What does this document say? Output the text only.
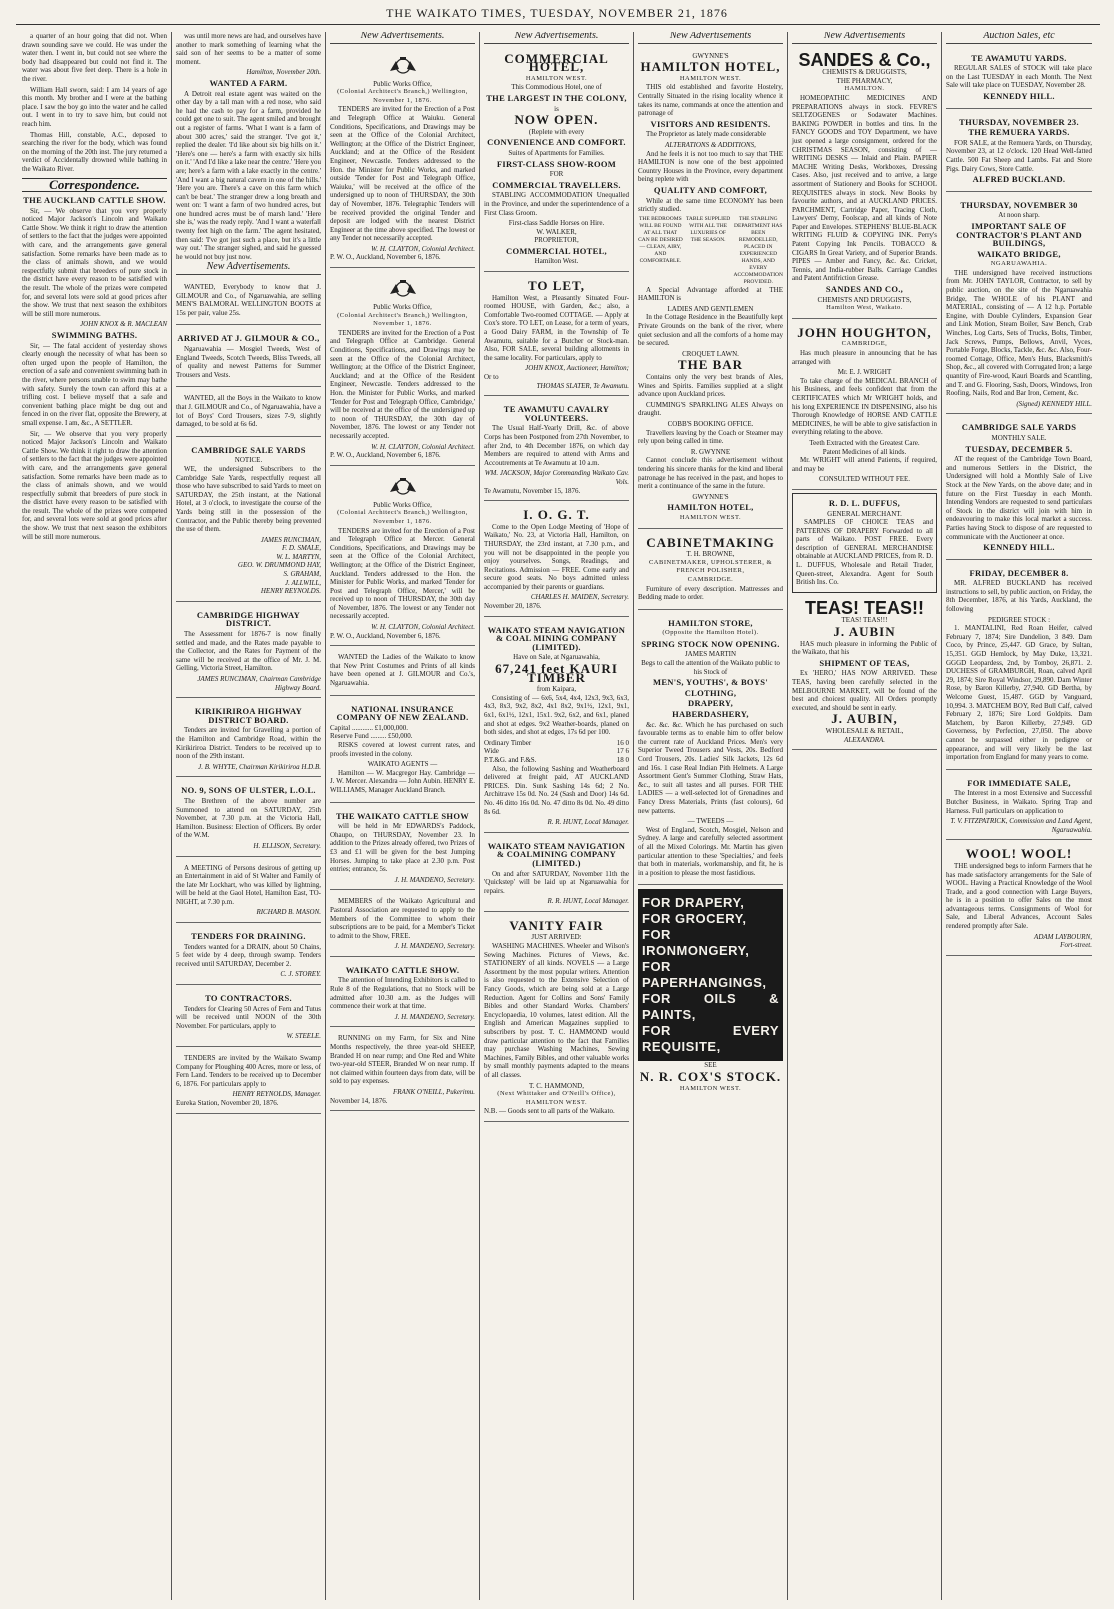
THE WAIKATO TIMES, TUESDAY, NOVEMBER 21, 1876

a quarter of an hour going that did not. When drawn sounding save we could. He was under the water then. I went in, but could not see where the body had disappeared but could not find it. The water was about five feet deep. There is a hole in the river.

William Hall sworn, said: I am 14 years of age this month. My brother and I were at the bathing place. I saw the boy go into the water and he called out. I went in to try to save him, but could not reach him.

Thomas Hill, constable, A.C., deposed to searching the river for the body, which was found on the morning of the 20th inst. The jury returned a verdict of Accidentally drowned while bathing in the Waikato River.

Correspondence.
THE AUCKLAND CATTLE SHOW.

Sir, — We observe that you very properly noticed Major Jackson's Lincoln and Waikato Cattle Show. We think it right to draw the attention of settlers to the fact that the judges were appointed with care, and the arrangements gave general satisfaction. Some remarks have been made as to the class of animals shown, and we would respectfully submit that breeders of pure stock in the district have every reason to be satisfied with the result. The whole of the prizes were competed for, and several lots were sold at good prices after the show. We trust that next season the exhibitors will be still more numerous.

JOHN KNOX & R. MACLEAN
SWIMMING BATHS.

Sir, — The fatal accident of yesterday shows clearly enough the necessity of what has been so often urged upon the people of Hamilton, the erection of a safe and convenient swimming bath in the river, where persons unable to swim may bathe with safety. Surely the town can afford this at a trifling cost. I believe myself that a safe and convenient bathing place might be dug out and fenced in on the river flat, opposite the Brewery, at small expense. I am, &c., A SETTLER.

Sir, — We observe that you very properly noticed Major Jackson's Lincoln and Waikato Cattle Show. We think it right to draw the attention of settlers to the fact that the judges were appointed with care, and the arrangements gave general satisfaction. Some remarks have been made as to the class of animals shown, and we would respectfully submit that breeders of pure stock in the district have every reason to be satisfied with the result. The whole of the prizes were competed for, and several lots were sold at good prices after the show. We trust that next season the exhibitors will be still more numerous.

was until more news are had, and ourselves have another to mark something of learning what the said son of her seems to be a matter of some moment.

Hamilton, November 20th.
WANTED A FARM.

A Detroit real estate agent was waited on the other day by a tall man with a red nose, who said he had the cash to pay for a farm, provided he could get one to suit. The agent smiled and brought out a register of farms. 'What I want is a farm of about 300 acres,' said the stranger. 'I've got it,' replied the dealer. 'I'd like about six big hills on it.' 'Here's one — here's a farm with exactly six hills on it.' 'And I'd like a lake near the centre.' 'Here you are; here's a farm with a lake exactly in the centre.' 'And I want a big natural cavern in one of the hills.' 'Here you are. There's a cave on this farm which can't be beat.' The stranger drew a long breath and went on: 'I want a farm of two hundred acres, but one hundred acres must be of marsh land.' 'Here she is,' was the ready reply. 'And I want a waterfall twenty feet high on the farm.' The agent hesitated, then said: 'I've got just such a place, but it's a little way out.' The stranger sighed, and said he guessed he would not buy just now.

New Advertisements.

WANTED, Everybody to know that J. GILMOUR and Co., of Ngaruawahia, are selling MEN'S BALMORAL WELLINGTON BOOTS at 15s per pair, value 25s.

ARRIVED AT J. GILMOUR & CO.,

Ngaruawahia — Mosgiel Tweeds, West of England Tweeds, Scotch Tweeds, Bliss Tweeds, all of quality and newest Patterns for Summer Trousers and Vests.

WANTED, all the Boys in the Waikato to know that J. GILMOUR and Co., of Ngaruawahia, have a lot of Boys' Cord Trousers, sizes 7-9, slightly damaged, to be sold at 6s 6d.

CAMBRIDGE SALE YARDS
NOTICE.

WE, the undersigned Subscribers to the Cambridge Sale Yards, respectfully request all those who have subscribed to said Yards to meet on SATURDAY, the 25th instant, at the National Hotel, at 3 o'clock, to investigate the course of the Yards being still in the possession of the Contractor, and the Public thereby being prevented the use of them.

JAMES RUNCIMAN,
F. D. SMALE,
W. L. MARTYN,
GEO. W. DRUMMOND HAY,
S. GRAHAM,
J. ALLWILL,
HENRY REYNOLDS.
CAMBRIDGE HIGHWAY DISTRICT.

The Assessment for 1876-7 is now finally settled and made, and the Rates made payable to the Collector, and the Rates for Payment of the same will be received at the office of Mr. J. M. Gelling, Victoria Street, Hamilton.

JAMES RUNCIMAN, Chairman Cambridge Highway Board.
KIRIKIRIROA HIGHWAY DISTRICT BOARD.

Tenders are invited for Gravelling a portion of the Hamilton and Cambridge Road, within the Kirikiriroa District. Tenders to be received up to noon of the 29th instant.

J. B. WHYTE, Chairman Kirikiriroa H.D.B.
NO. 9, SONS OF ULSTER, L.O.L.

The Brethren of the above number are Summoned to attend on SATURDAY, 25th November, at 7.30 p.m. at the Victoria Hall, Hamilton. Business: Election of Officers. By order of the W.M.

H. ELLISON, Secretary.

A MEETING of Persons desirous of getting up an Entertainment in aid of St Walter and Family of the late Mr Lockhart, who was killed by lightning, will be held at the Gaol Hotel, Hamilton East, TO-NIGHT, at 7.30 p.m.

RICHARD B. MASON.
TENDERS FOR DRAINING.

Tenders wanted for a DRAIN, about 50 Chains, 5 feet wide by 4 deep, through swamp. Tenders received until SATURDAY, December 2.

C. J. STOREY.
TO CONTRACTORS.

Tenders for Clearing 50 Acres of Fern and Tutus will be received until NOON of the 30th November. For particulars, apply to

W. STEELE.

TENDERS are invited by the Waikato Swamp Company for Ploughing 400 Acres, more or less, of Fern Land. Tenders to be received up to December 6, 1876. For particulars apply to

HENRY REYNOLDS, Manager.
Eureka Station, November 20, 1876.
New Advertisements.
Public Works Office,
(Colonial Architect's Branch,) Wellington, November 1, 1876.

TENDERS are invited for the Erection of a Post and Telegraph Office at Waiuku. General Conditions, Specifications, and Drawings may be seen at the Office of the Colonial Architect, Wellington; at the Office of the District Engineer, Auckland; and at the Office of the Resident Engineer, Newcastle. Tenders addressed to the Hon. the Minister for Public Works, and marked outside 'Tender for Post and Telegraph Office, Waiuku,' will be received at the office of the undersigned up to noon of THURSDAY, the 30th day of November, 1876. Telegraphic Tenders will be received provided the original Tender and deposit are lodged with the nearest District Engineer at the time above specified. The lowest or any Tender not necessarily accepted.

W. H. CLAYTON, Colonial Architect.
P. W. O., Auckland, November 6, 1876.
Public Works Office,
(Colonial Architect's Branch,) Wellington, November 1, 1876.

TENDERS are invited for the Erection of a Post and Telegraph Office at Cambridge. General Conditions, Specifications, and Drawings may be seen at the Office of the Colonial Architect, Wellington; at the Office of the District Engineer, Auckland; and at the Office of the Resident Engineer, Newcastle. Tenders addressed to the Hon. the Minister for Public Works, and marked 'Tender for Post and Telegraph Office, Cambridge,' will be received at the office of the undersigned up to noon of THURSDAY, the 30th day of November, 1876. The lowest or any Tender not necessarily accepted.

W. H. CLAYTON, Colonial Architect.
P. W. O., Auckland, November 6, 1876.
Public Works Office,
(Colonial Architect's Branch,) Wellington, November 1, 1876.

TENDERS are invited for the Erection of a Post and Telegraph Office at Mercer. General Conditions, Specifications, and Drawings may be seen at the Office of the Colonial Architect, Wellington; at the Office of the District Engineer, Auckland. Tenders addressed to the Hon. the Minister for Public Works, and marked 'Tender for Post and Telegraph Office, Mercer,' will be received up to noon of THURSDAY, the 30th day of November, 1876. The lowest or any Tender not necessarily accepted.

W. H. CLAYTON, Colonial Architect.
P. W. O., Auckland, November 6, 1876.

WANTED the Ladies of the Waikato to know that New Print Costumes and Prints of all kinds have been opened at J. GILMOUR and Co.'s, Ngaruawahia.

NATIONAL INSURANCE COMPANY OF NEW ZEALAND.
Capital ............ £1,000,000.
Reserve Fund ......... £50,000.

RISKS covered at lowest current rates, and proofs invested in the colony.

WAIKATO AGENTS —

Hamilton — W. Macgregor Hay. Cambridge — J. W. Mercer. Alexandra — John Aubin. HENRY E. WILLIAMS, Manager Auckland Branch.

THE WAIKATO CATTLE SHOW

will be held in Mr EDWARDS's Paddock, Ohaupo, on THURSDAY, November 23. In addition to the Prizes already offered, two Prizes of £3 and £1 will be given for the best Jumping Horses. Jumping to take place at 2.30 p.m. Post entries; entrance, 5s.

J. H. MANDENO, Secretary.

MEMBERS of the Waikato Agricultural and Pastoral Association are requested to apply to the Members of the Committee to whom their subscriptions are to be paid, for a Member's Ticket to admit to the Show, FREE.

J. H. MANDENO, Secretary.
WAIKATO CATTLE SHOW.

The attention of Intending Exhibitors is called to Rule 8 of the Regulations, that no Stock will be admitted after 10.30 a.m. as the Judges will commence their work at that time.

J. H. MANDENO, Secretary.

RUNNING on my Farm, for Six and Nine Months respectively, the three year-old SHEEP, Branded H on near rump; and One Red and White two-year-old STEER, Branded W on near rump. If not claimed within fourteen days from date, will be sold to pay expenses.

FRANK O'NEILL, Pukerimu.
November 14, 1876.
New Advertisements.
COMMERCIAL HOTEL,
HAMILTON WEST.
This Commodious Hotel, one of
THE LARGEST IN THE COLONY,
is
NOW OPEN.
(Replete with every
CONVENIENCE AND COMFORT.
Suites of Apartments for Families.
FIRST-CLASS SHOW-ROOM
FOR
COMMERCIAL TRAVELLERS.

STABLING ACCOMMODATION Unequalled in the Province, and under the superintendence of a First Class Groom.

First-class Saddle Horses on Hire.
W. WALKER,
PROPRIETOR,
COMMERCIAL HOTEL,
Hamilton West.
TO LET,

Hamilton West, a Pleasantly Situated Four-roomed HOUSE, with Garden, &c.; also, a Comfortable Two-roomed COTTAGE. — Apply at Cox's store. TO LET, on Lease, for a term of years, a Good Dairy FARM, in the Township of Te Awamutu, suitable for a Butcher or Stock-man. Also, FOR SALE, several building allotments in the same locality. For particulars, apply to

JOHN KNOX, Auctioneer, Hamilton;
Or to
THOMAS SLATER, Te Awamutu.
TE AWAMUTU CAVALRY VOLUNTEERS.

The Usual Half-Yearly Drill, &c. of above Corps has been Postponed from 27th November, to after 2nd, to 4th December 1876, on which day Members are required to attend with Arms and Accoutrements at Te Awamutu at 10 a.m.

WM. JACKSON, Major Commanding Waikato Cav. Vols.
Te Awamutu, November 15, 1876.
I. O. G. T.

Come to the Open Lodge Meeting of 'Hope of Waikato,' No. 23, at Victoria Hall, Hamilton, on THURSDAY, the 23rd instant, at 7.30 p.m., and you will not be disappointed in the people you enjoy yourselves. Songs, Readings, and Recitations. Admission — FREE. Come early and secure good seats. No boys admitted unless accompanied by their parents or guardians.

CHARLES H. MAIDEN, Secretary.
November 20, 1876.
WAIKATO STEAM NAVIGATION & COAL MINING COMPANY (LIMITED).
Have on Sale, at Ngaruawahia,
67,241 feet KAURI TIMBER
from Kaipara,

Consisting of — 6x6, 5x4, 4x4, 12x3, 9x3, 6x3, 4x3, 8x3, 9x2, 8x2, 4x1 8x2, 9x1½, 12x1, 9x1, 6x1, 6x1½, 12x1, 15x1. 9x2, 6x2, and 6x1, planed and shot at edges. 9x2 Weather-boards, planed on both sides, and shot at edges, 17s 6d per 100.

Ordinary Timber	16 0
Wide	17 6
P.T.&G. and F.&S.	18 0

Also, the following Sashing and Weatherboard delivered at freight paid, AT AUCKLAND PRICES. Din. Sunk Sashing 14s 6d; 2 No. Architrave 15s 0d. No. 24 (Sash and Door) 14s 6d. No. 46 ditto 16s 0d. No. 47 ditto 8s 0d. No. 49 ditto 8s 6d.

R. R. HUNT, Local Manager.
WAIKATO STEAM NAVIGATION & COALMINING COMPANY (LIMITED.)

On and after SATURDAY, November 11th the 'Quickstep' will be laid up at Ngaruawahia for repairs.

R. R. HUNT, Local Manager.
VANITY FAIR
JUST ARRIVED:

WASHING MACHINES. Wheeler and Wilson's Sewing Machines. Pictures of Views, &c. STATIONERY of all kinds. NOVELS — a Large Assortment by the most popular writers. Attention is also requested to the Extensive Selection of Fancy Goods, which are being sold at a Large Reduction. Agent for Collins and Sons' Family Bibles and other Standard Works. Chambers' Encyclopaedia, 10 volumes, latest edition. All the English and American Magazines supplied to subscribers by post. T. C. HAMMOND would draw particular attention to the fact that Families may purchase Washing Machines, Sewing Machines, Family Bibles, and other valuable works by small monthly payments adapted to the means of all classes.

T. C. HAMMOND,
(Next Whittaker and O'Neill's Office), HAMILTON WEST.
N.B. — Goods sent to all parts of the Waikato.
New Advertisements
GWYNNE'S
HAMILTON HOTEL,
HAMILTON WEST.

THIS old established and favorite Hostelry, Centrally Situated in the rising locality whence it takes its name, commands at once the attention and patronage of

VISITORS AND RESIDENTS.

The Proprietor as lately made considerable

ALTERATIONS & ADDITIONS,

And he feels it is not too much to say that THE HAMILTON is now one of the best appointed Country Houses in the Province, every department being replete with

QUALITY AND COMFORT,

While at the same time ECONOMY has been strictly studied.

THE BEDROOMS WILL BE FOUND AT ALL THAT CAN BE DESIRED — CLEAN, AIRY, AND COMFORTABLE.
TABLE SUPPLIED WITH ALL THE LUXURIES OF THE SEASON.
THE STABLING DEPARTMENT HAS BEEN REMODELLED, PLACED IN EXPERIENCED HANDS, AND EVERY ACCOMMODATION PROVIDED.

A Special Advantage afforded at THE HAMILTON is

LADIES AND GENTLEMEN

In the Cottage Residence in the Beautifully kept Private Grounds on the bank of the river, where quiet seclusion and all the comforts of a home may be secured.

CROQUET LAWN.
THE BAR

Contains only the very best brands of Ales, Wines and Spirits. Families supplied at a slight advance upon Auckland prices.

CUMMING'S SPARKLING ALES Always on draught.

COBB'S BOOKING OFFICE.

Travellers leaving by the Coach or Steamer may rely upon being called in time.

R. GWYNNE

Cannot conclude this advertisement without tendering his sincere thanks for the kind and liberal patronage he has received in the past, and hopes to merit a continuance of the same in the future.

GWYNNE'S
HAMILTON HOTEL,
HAMILTON WEST.
CABINETMAKING
T. H. BROWNE,
CABINETMAKER, UPHOLSTERER, & FRENCH POLISHER,
CAMBRIDGE.

Furniture of every description. Mattresses and Bedding made to order.

HAMILTON STORE,
(Opposite the Hamilton Hotel).
SPRING STOCK NOW OPENING.
JAMES MARTIN
Begs to call the attention of the Waikato public to his Stock of
MEN'S, YOUTHS', & BOYS'
CLOTHING,
DRAPERY,
HABERDASHERY,

&c. &c. &c. Which he has purchased on such favourable terms as to enable him to offer below the current rate of Auckland Prices. Men's very Superior Tweed Trousers and Vests, 20s. Bedford Cord Trousers, 20s. Ladies' Silk Jackets, 12s 6d and 16s. 1 case Real Indian Pith Helmets. A Large Assortment Gent's Summer Clothing, Straw Hats, &c., to suit all tastes and all purses. FOR THE LADIES — a well-selected lot of Grenadines and Fancy Dress Materials, Prints (fast colours), 6d new patterns.

— TWEEDS —

West of England, Scotch, Mosgiel, Nelson and Sydney. A large and carefully selected assortment of all the Mixed Colorings. Mr. Martin has given particular attention to these 'Specialties,' and feels that both in materials, workmanship, and fit, he is in a position to please the most fastidious.

FOR DRAPERY,
FOR GROCERY,
FOR IRONMONGERY,
FOR PAPERHANGINGS,
FOR OILS & PAINTS,
FOR EVERY REQUISITE,
SEE
N. R. COX'S STOCK.
HAMILTON WEST.
New Advertisements
SANDES & Co.,
CHEMISTS & DRUGGISTS,
THE PHARMACY,
HAMILTON.

HOMEOPATHIC MEDICINES AND PREPARATIONS always in stock. FEVRE'S SELTZOGENES or Sodawater Machines. BAKING POWDER in bottles and tins. In the FANCY GOODS and TOY Department, we have just opened a large consignment, ordered for the CHRISTMAS SEASON, consisting of — WRITING DESKS — Inlaid and Plain. PAPIER MACHE Writing Desks, Workboxes, Dressing Cases. Also, just received and to arrive, a large assortment of Stationery and Books for SCHOOL REQUISITES always in stock. New Books by favourite authors, and at AUCKLAND PRICES. PARCHMENT, Cartridge Paper, Tracing Cloth, Lawyers' Demy, Foolscap, and all kinds of Note Paper and Envelopes. STEPHENS' BLUE-BLACK WRITING FLUID & COPYING INK. Perry's Patent Copying Ink Pencils. TOBACCO & CIGARS In Great Variety, and of Superior Brands. PIPES — Amber and Fancy, &c. &c. Cricket, Tennis, and India-rubber Balls. Carriage Candles and Patent Antifriction Grease.

SANDES AND CO.,
CHEMISTS AND DRUGGISTS,
Hamilton West, Waikato.
JOHN HOUGHTON,
CAMBRIDGE,

Has much pleasure in announcing that he has arranged with

Mr. E. J. WRIGHT

To take charge of the MEDICAL BRANCH of his Business, and feels confident that from the CERTIFICATES which Mr WRIGHT holds, and his long EXPERIENCE IN DISPENSING, also his Thorough Knowledge of HORSE AND CATTLE MEDICINES, he will be able to give satisfaction in everything relating to the above.

Teeth Extracted with the Greatest Care.
Patent Medicines of all kinds.

Mr. WRIGHT will attend Patients, if required, and may be

CONSULTED WITHOUT FEE.
R. D. L. DUFFUS,
GENERAL MERCHANT.

SAMPLES OF CHOICE TEAS and PATTERNS OF DRAPERY Forwarded to all parts of Waikato. POST FREE. Every description of GENERAL MERCHANDISE obtainable at AUCKLAND PRICES, from R. D. L. DUFFUS, Wholesale and Retail Trader, Queen-street, Alexandra. Agent for South British Ins. Co.

TEAS! TEAS!!
TEAS! TEAS!!!
J. AUBIN

HAS much pleasure in informing the Public of the Waikato, that his

SHIPMENT OF TEAS,

Ex 'HERO,' HAS NOW ARRIVED. These TEAS, having been carefully selected in the MELBOURNE MARKET, will be found of the best and choicest quality. All Orders promptly executed, and should be sent in early.

J. AUBIN,
WHOLESALE & RETAIL,
ALEXANDRA.
Auction Sales, etc
TE AWAMUTU YARDS.

REGULAR SALES of STOCK will take place on the Last TUESDAY in each Month. The Next Sale will take place on TUESDAY, November 28.

KENNEDY HILL.
THURSDAY, NOVEMBER 23.
THE REMUERA YARDS.

FOR SALE, at the Remuera Yards, on Thursday, November 23, at 12 o'clock. 120 Head Well-fatted Cattle. 500 Fat Sheep and Lambs. Fat and Store Pigs. Dairy Cows, Store Cattle.

ALFRED BUCKLAND.
THURSDAY, NOVEMBER 30
At noon sharp.
IMPORTANT SALE OF CONTRACTOR'S PLANT AND BUILDINGS,
WAIKATO BRIDGE,
NGARUAWAHIA.

THE undersigned have received instructions from Mr. JOHN TAYLOR, Contractor, to sell by public auction, on the site of the Ngaruawahia Bridge, The WHOLE of his PLANT and MATERIAL, consisting of — A 12 h.p. Portable Engine, with Double Cylinders, Expansion Gear and Link Motion, Steam Boiler, Saw Bench, Crab Winches, Log Carts, Sets of Trucks, Bolts, Timber, Jack Screws, Pumps, Bellows, Anvil, Vyces, Portable Forge, Blocks, Tackle, &c. &c. Also, Four-roomed Cottage, Office, Men's Huts, Blacksmith's Shop, &c., all covered with Corrugated Iron; a large quantity of Fire-wood, Kauri Boards and Scantling, and T. and G. Flooring, Sash, Doors, Windows, Iron Roofing, Nails, Rod and Bar Iron, Cement, &c.

(Signed) KENNEDY HILL.
CAMBRIDGE SALE YARDS
MONTHLY SALE.
TUESDAY, DECEMBER 5.

AT the request of the Cambridge Town Board, and numerous Settlers in the District, the Undersigned will hold a Monthly Sale of Live Stock at the New Yards, on the above date; and in future on the First Tuesday in each Month. Intending Vendors are requested to send particulars of Stock in the district will join with him in endeavouring to make this local market a success. Parties having Stock to dispose of are requested to communicate with the Auctioneer at once.

KENNEDY HILL.
FRIDAY, DECEMBER 8.

MR. ALFRED BUCKLAND has received instructions to sell, by public auction, on Friday, the 8th December, 1876, at his Yards, Auckland, the following

PEDIGREE STOCK :

1. MANTALINI, Red Roan Heifer, calved February 7, 1874; Sire Dandelion, 3 849. Dam Coco, by Prince, 25,447. GD Grace, by Sultan, 15,351. GGD Hemlock, by May Duke, 13,321. GGGD Leopardess, 2nd, by Tomboy, 26,871. 2. DUCHESS of GRAMBURGH, Roan, calved April 29, 1874; Sire Royal Windsor, 29,890. Dam Winter Rose, by Baron Killerby, 27,940. GD Bertha, by Welcome Guest, 15,487. GGD by Vanguard, 10,994. 3. MATCHEM BOY, Red Bull Calf, calved February 2, 1876; Sire Lord Goldpits. Dam Matchem, by Baron Killerby, 27,949. GD Governess, by Perfection, 27,050. The above cannot be surpassed either in pedigree or appearance, and will very likely be the last importation from England for many years to come.

FOR IMMEDIATE SALE,

The Interest in a most Extensive and Successful Butcher Business, in Waikato. Spring Trap and Harness. Full particulars on application to

T. V. FITZPATRICK, Commission and Land Agent, Ngaruawahia.
WOOL! WOOL!

THE undersigned begs to inform Farmers that he has made satisfactory arrangements for the Sale of WOOL. Having a Practical Knowledge of the Wool Trade, and a good connection with Large Buyers, he is in a position to offer Sales on the most advantageous terms. Consignments of Wool for Sale, and Liberal Advances, Account Sales rendered promptly after Sale.

ADAM LAYBOURN,
Fort-street.
